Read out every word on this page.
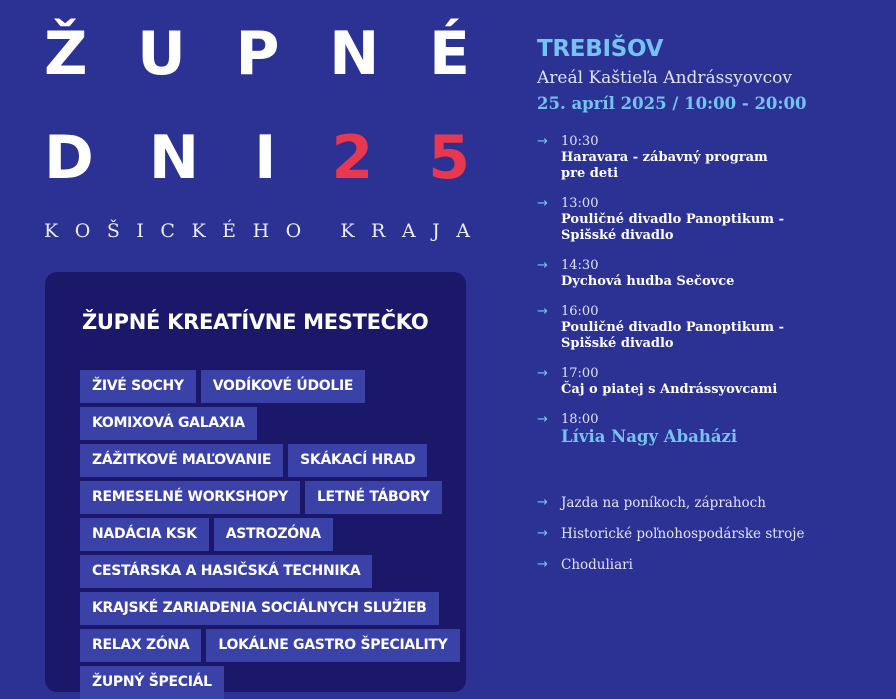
Ž U P N É
D N I 2 5
K O Š I C K É H O
K R A J A
ŽUPNÉ KREATÍVNE MESTEČKO
ŽIVÉ SOCHY	VODÍKOVÉ ÚDOLIE
KOMIXOVÁ GALAXIA
ZÁŽITKOVÉ MAĽOVANIE	SKÁKACÍ HRAD
REMESELNÉ WORKSHOPY	LETNÉ TÁBORY
NADÁCIA KSK	ASTROZÓNA
CESTÁRSKA A HASIČSKÁ TECHNIKA
KRAJSKÉ ZARIADENIA SOCIÁLNYCH SLUŽIEB
RELAX ZÓNA	LOKÁLNE GASTRO ŠPECIALITY
ŽUPNÝ ŠPECIÁL
TREBIŠOV
Areál Kaštieľa Andrássyovcov
25. apríl 2025 / 10:00 - 20:00
→ 10:30
Haravara - zábavný program
pre deti
→ 13:00
Pouličné divadlo Panoptikum -
Spišské divadlo
→ 14:30
Dychová hudba Sečovce
→ 16:00
Pouličné divadlo Panoptikum -
Spišské divadlo
→ 17:00
Čaj o piatej s Andrássyovcami
→ 18:00
Lívia Nagy Abaházi
→ Jazda na poníkoch, záprahoch
→ Historické poľnohospodárske stroje
→ Choduliari
